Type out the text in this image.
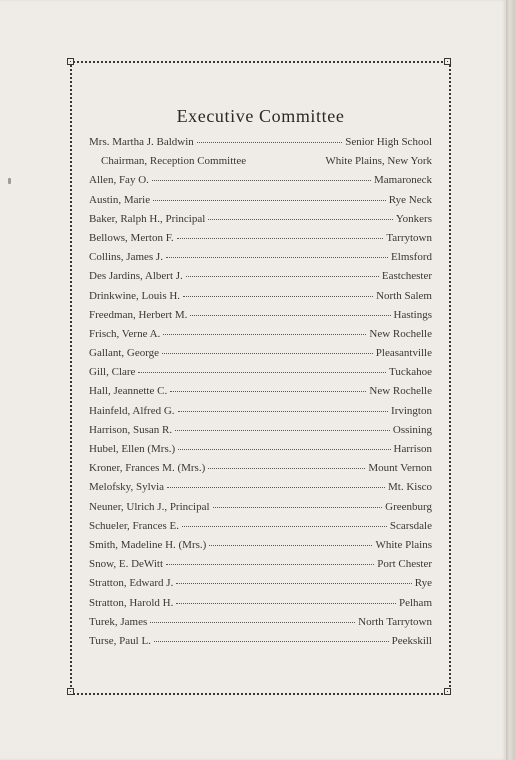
Executive Committee
Mrs. Martha J. Baldwin	Senior High School
Chairman, Reception Committee	White Plains, New York
Allen, Fay O.	Mamaroneck
Austin, Marie	Rye Neck
Baker, Ralph H., Principal	Yonkers
Bellows, Merton F.	Tarrytown
Collins, James J.	Elmsford
Des Jardins, Albert J.	Eastchester
Drinkwine, Louis H.	North Salem
Freedman, Herbert M.	Hastings
Frisch, Verne A.	New Rochelle
Gallant, George	Pleasantville
Gill, Clare	Tuckahoe
Hall, Jeannette C.	New Rochelle
Hainfeld, Alfred G.	Irvington
Harrison, Susan R.	Ossining
Hubel, Ellen (Mrs.)	Harrison
Kroner, Frances M. (Mrs.)	Mount Vernon
Melofsky, Sylvia	Mt. Kisco
Neuner, Ulrich J., Principal	Greenburg
Schueler, Frances E.	Scarsdale
Smith, Madeline H. (Mrs.)	White Plains
Snow, E. DeWitt	Port Chester
Stratton, Edward J.	Rye
Stratton, Harold H.	Pelham
Turek, James	North Tarrytown
Turse, Paul L.	Peekskill
